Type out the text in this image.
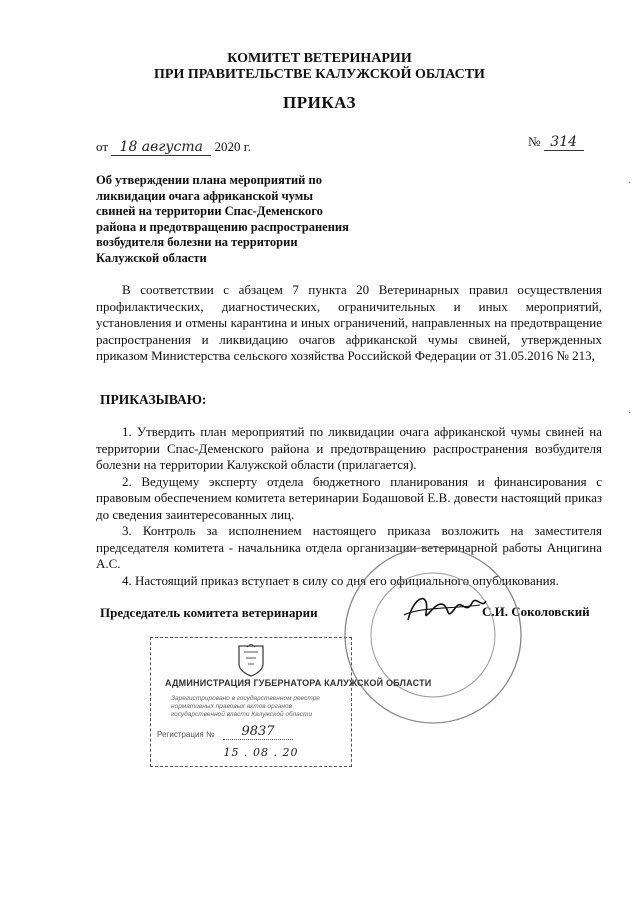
КОМИТЕТ ВЕТЕРИНАРИИ
ПРИ ПРАВИТЕЛЬСТВЕ КАЛУЖСКОЙ ОБЛАСТИ
ПРИКАЗ
от 18 августа 2020 г.	№ 314
Об утверждении плана мероприятий по
ликвидации очага африканской чумы
свиней на территории Спас-Деменского
района и предотвращению распространения
возбудителя болезни на территории
Калужской области

В соответствии с абзацем 7 пункта 20 Ветеринарных правил осуществления профилактических, диагностических, ограничительных и иных мероприятий, установления и отмены карантина и иных ограничений, направленных на предотвращение распространения и ликвидацию очагов африканской чумы свиней, утвержденных приказом Министерства сельского хозяйства Российской Федерации от 31.05.2016 № 213,

ПРИКАЗЫВАЮ:

1. Утвердить план мероприятий по ликвидации очага африканской чумы свиней на территории Спас-Деменского района и предотвращению распространения возбудителя болезни на территории Калужской области (прилагается).

2. Ведущему эксперту отдела бюджетного планирования и финансирования с правовым обеспечением комитета ветеринарии Бодашовой Е.В. довести настоящий приказ до сведения заинтересованных лиц.

3. Контроль за исполнением настоящего приказа возложить на заместителя председателя комитета - начальника отдела организации ветеринарной работы Анцигина А.С.

4. Настоящий приказ вступает в силу со дня его официального опубликования.

Председатель комитета ветеринарии	С.И. Соколовский
АДМИНИСТРАЦИЯ ГУБЕРНАТОРА КАЛУЖСКОЙ ОБЛАСТИ
Зарегистрировано в государственном реестре нормативных правовых актов органов государственной власти Калужской области
Регистрация №	9837
15 . 08 . 20
·
·
